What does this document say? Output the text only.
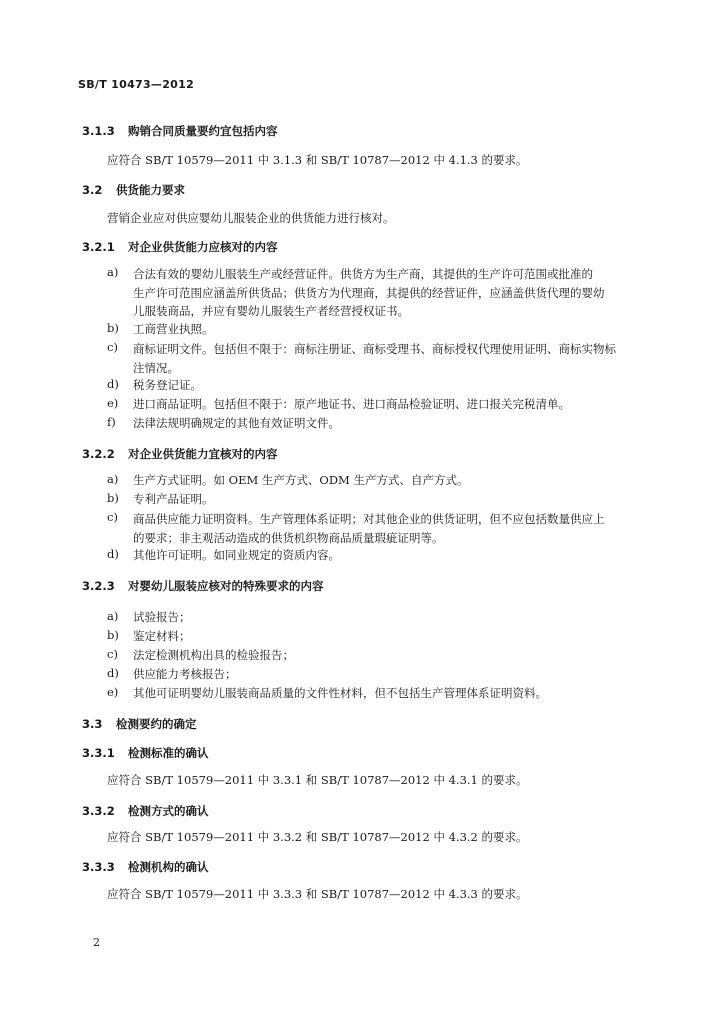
SB/T 10473—2012
3.1.3 购销合同质量要约宜包括内容
应符合 SB/T 10579—2011 中 3.1.3 和 SB/T 10787—2012 中 4.1.3 的要求。
3.2 供货能力要求
营销企业应对供应婴幼儿服装企业的供货能力进行核对。
3.2.1 对企业供货能力应核对的内容
a) 合法有效的婴幼儿服装生产或经营证件。供货方为生产商，其提供的生产许可范围或批准的
生产许可范围应涵盖所供货品；供货方为代理商，其提供的经营证件，应涵盖供货代理的婴幼
儿服装商品，并应有婴幼儿服装生产者经营授权证书。
b)	工商营业执照。
c) 商标证明文件。包括但不限于：商标注册证、商标受理书、商标授权代理使用证明、商标实物标
注情况。
d)	税务登记证。
e)	进口商品证明。包括但不限于：原产地证书、进口商品检验证明、进口报关完税清单。
f)	法律法规明确规定的其他有效证明文件。
3.2.2 对企业供货能力宜核对的内容
a)	生产方式证明。如 OEM 生产方式、ODM 生产方式、自产方式。
b)	专利产品证明。
c) 商品供应能力证明资料。生产管理体系证明；对其他企业的供货证明，但不应包括数量供应上
的要求；非主观活动造成的供货机织物商品质量瑕疵证明等。
d)	其他许可证明。如同业规定的资质内容。
3.2.3 对婴幼儿服装应核对的特殊要求的内容
a)	试验报告；
b)	鉴定材料；
c)	法定检测机构出具的检验报告；
d)	供应能力考核报告；
e)	其他可证明婴幼儿服装商品质量的文件性材料，但不包括生产管理体系证明资料。
3.3 检测要约的确定
3.3.1 检测标准的确认
应符合 SB/T 10579—2011 中 3.3.1 和 SB/T 10787—2012 中 4.3.1 的要求。
3.3.2 检测方式的确认
应符合 SB/T 10579—2011 中 3.3.2 和 SB/T 10787—2012 中 4.3.2 的要求。
3.3.3 检测机构的确认
应符合 SB/T 10579—2011 中 3.3.3 和 SB/T 10787—2012 中 4.3.3 的要求。
2
